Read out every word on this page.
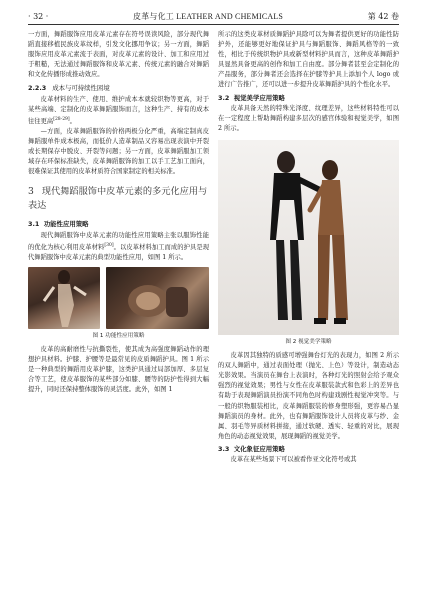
· 32 ·	皮革与化工 LEATHER AND CHEMICALS	第 42 卷

一方面，舞蹈服饰应用皮革元素存在符号误读风险，部分现代舞蹈直接移植民族皮革纹样，引发文化挪用争议；另一方面，舞蹈服饰应用皮革元素流于表面，对皮革元素的设计、加工和应用过于粗糙，无法通过舞蹈服饰和皮革元素、传统元素的融合对舞蹈和文化传播形成推动效应。

2.2.3 成本与可持续性困境

皮革材料的生产、使用、维护成本本就较织物等更高，对于某些高端、定制化的皮革舞蹈服饰而言，这种生产、持有的成本往往更高[28-29]。

—方面，皮革舞蹈服饰的价格两极分化严重，高端定制真皮舞蹈服单件成本极高，而低价人造革制品又容易出现表演中开裂或长期保存中脱皮、开裂等问题；另一方面，皮革舞蹈服加工领域存在环保标准缺失，皮革舞蹈服饰的加工以手工艺加工面向，很难保证其使用的皮革材质符合国家制定的相关标准。

3 现代舞蹈服饰中皮革元素的多元化应用与表达
3.1 功能性应用策略

现代舞蹈服饰中皮革元素的功能性应用策略主张以服饰性能的优化为核心利用皮革材料[30]。以皮革材料加工而成的护具是现代舞蹈服饰中皮革元素的典型功能性应用，如图 1 所示。

图 1 功能性应用策略

皮革的高耐磨性与抗撕裂性，使其成为高强度舞蹈动作的理想护具材料。护膝、护腰等是最常见的皮质舞蹈护具。图 1 所示是一种典型的舞蹈用皮革护膝，这类护具通过局部加厚、多层复合等工艺，使皮革服饰的某些部分如膝、腰等的防护性得到大幅提升，同时还保持整体服饰的灵活度。此外，如图 1

所示的这类皮革材质舞蹈护具除可以为舞者提供更好的功能性防护外，还能够更好地保证护具与舞蹈服饰、舞蹈风格等的一致性，相比于传统织物护具或新型材料护具而言，这种皮革舞蹈护具显然具备更高的创作和加工自由度。部分舞者甚至会定制化的产品服务，部分舞者还会选择在护膝等护具上添加个人 logo 或进行广告推广，还可以进一步提升皮革舞蹈护具的个性化水平。

3.2 视觉美学应用策略

皮革具备天然的特殊光泽度、纹理差异，这些材料特性可以在一定程度上帮助舞蹈构建多层次的感官体验和视觉美学，如图 2 所示。

图 2 视觉美学策略

皮革因其独特的质感可增强舞台灯光的表现力，如图 2 所示的双人舞蹈中，通过表面处理（抛光、上色）等设计，制造动态光影效果。当演员在舞台上表演时，各种灯光的照射会给予观众强烈的视觉效果；男性与女性在皮革服装款式和色彩上的差异也有助于表现舞蹈演员扮演不同角色时构建戏剧性视觉冲突等。与一般的织物服装相比，皮革舞蹈服装的修身塑形强，更容易凸显舞蹈演员的身材。此外，也有舞蹈服饰设计人员将皮革与纱、金属、羽毛等异质材料拼接，通过软硬、透实、轻重的对比，展现角色的动态视觉效果，展现舞蹈的视觉美学。

3.3 文化象征应用策略

皮革在某些场景下可以被看作亚文化符号或其
